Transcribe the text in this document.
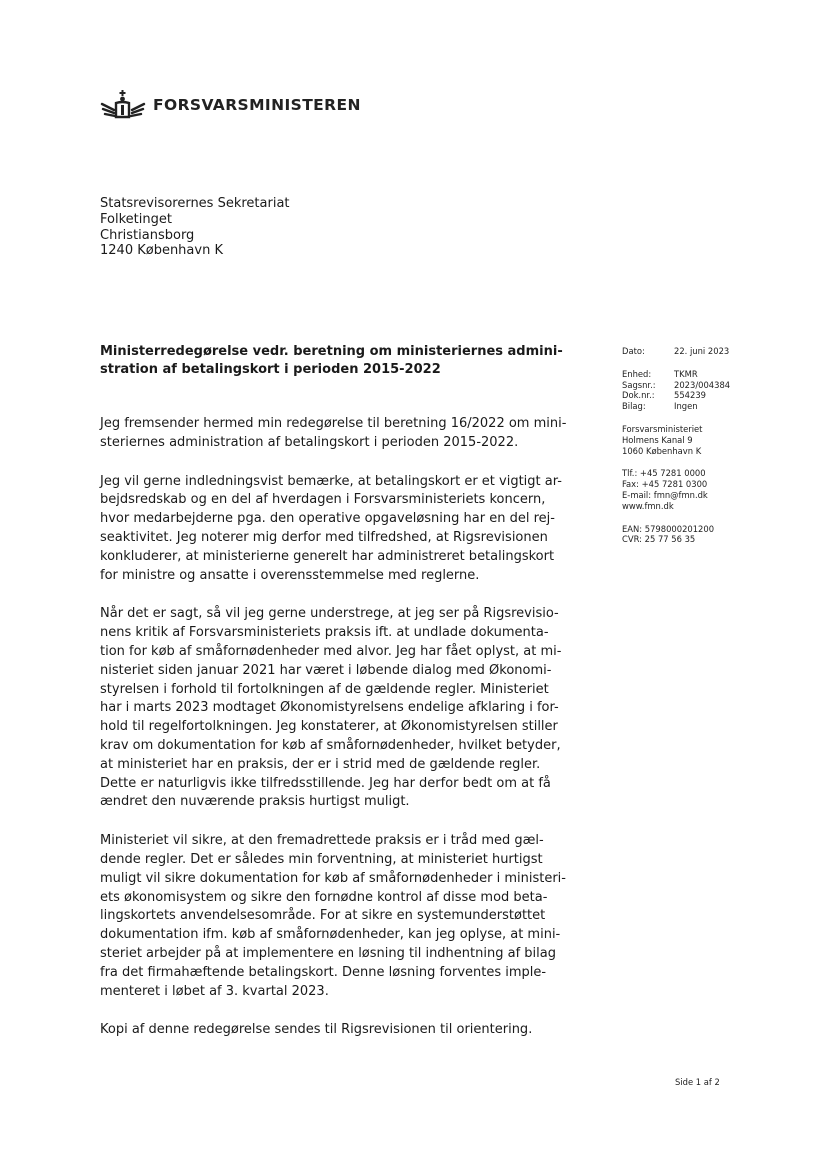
FORSVARSMINISTEREN
Statsrevisorernes Sekretariat
Folketinget
Christiansborg
1240 København K
Ministerredegørelse vedr. beretning om ministeriernes admini-
stration af betalingskort i perioden 2015-2022
Jeg fremsender hermed min redegørelse til beretning 16/2022 om mini-
steriernes administration af betalingskort i perioden 2015-2022.
Jeg vil gerne indledningsvist bemærke, at betalingskort er et vigtigt ar-
bejdsredskab og en del af hverdagen i Forsvarsministeriets koncern,
hvor medarbejderne pga. den operative opgaveløsning har en del rej-
seaktivitet. Jeg noterer mig derfor med tilfredshed, at Rigsrevisionen
konkluderer, at ministerierne generelt har administreret betalingskort
for ministre og ansatte i overensstemmelse med reglerne.
Når det er sagt, så vil jeg gerne understrege, at jeg ser på Rigsrevisio-
nens kritik af Forsvarsministeriets praksis ift. at undlade dokumenta-
tion for køb af småfornødenheder med alvor. Jeg har fået oplyst, at mi-
nisteriet siden januar 2021 har været i løbende dialog med Økonomi-
styrelsen i forhold til fortolkningen af de gældende regler. Ministeriet
har i marts 2023 modtaget Økonomistyrelsens endelige afklaring i for-
hold til regelfortolkningen. Jeg konstaterer, at Økonomistyrelsen stiller
krav om dokumentation for køb af småfornødenheder, hvilket betyder,
at ministeriet har en praksis, der er i strid med de gældende regler.
Dette er naturligvis ikke tilfredsstillende. Jeg har derfor bedt om at få
ændret den nuværende praksis hurtigst muligt.
Ministeriet vil sikre, at den fremadrettede praksis er i tråd med gæl-
dende regler. Det er således min forventning, at ministeriet hurtigst
muligt vil sikre dokumentation for køb af småfornødenheder i ministeri-
ets økonomisystem og sikre den fornødne kontrol af disse mod beta-
lingskortets anvendelsesområde. For at sikre en systemunderstøttet
dokumentation ifm. køb af småfornødenheder, kan jeg oplyse, at mini-
steriet arbejder på at implementere en løsning til indhentning af bilag
fra det firmahæftende betalingskort. Denne løsning forventes imple-
menteret i løbet af 3. kvartal 2023.
Kopi af denne redegørelse sendes til Rigsrevisionen til orientering.
Dato:	22. juni 2023
Enhed:	TKMR
Sagsnr.:	2023/004384
Dok.nr.:	554239
Bilag:	Ingen
Forsvarsministeriet
Holmens Kanal 9
1060 København K
Tlf.: +45 7281 0000
Fax: +45 7281 0300
E-mail: fmn@fmn.dk
www.fmn.dk
EAN: 5798000201200
CVR: 25 77 56 35
Side 1 af 2
